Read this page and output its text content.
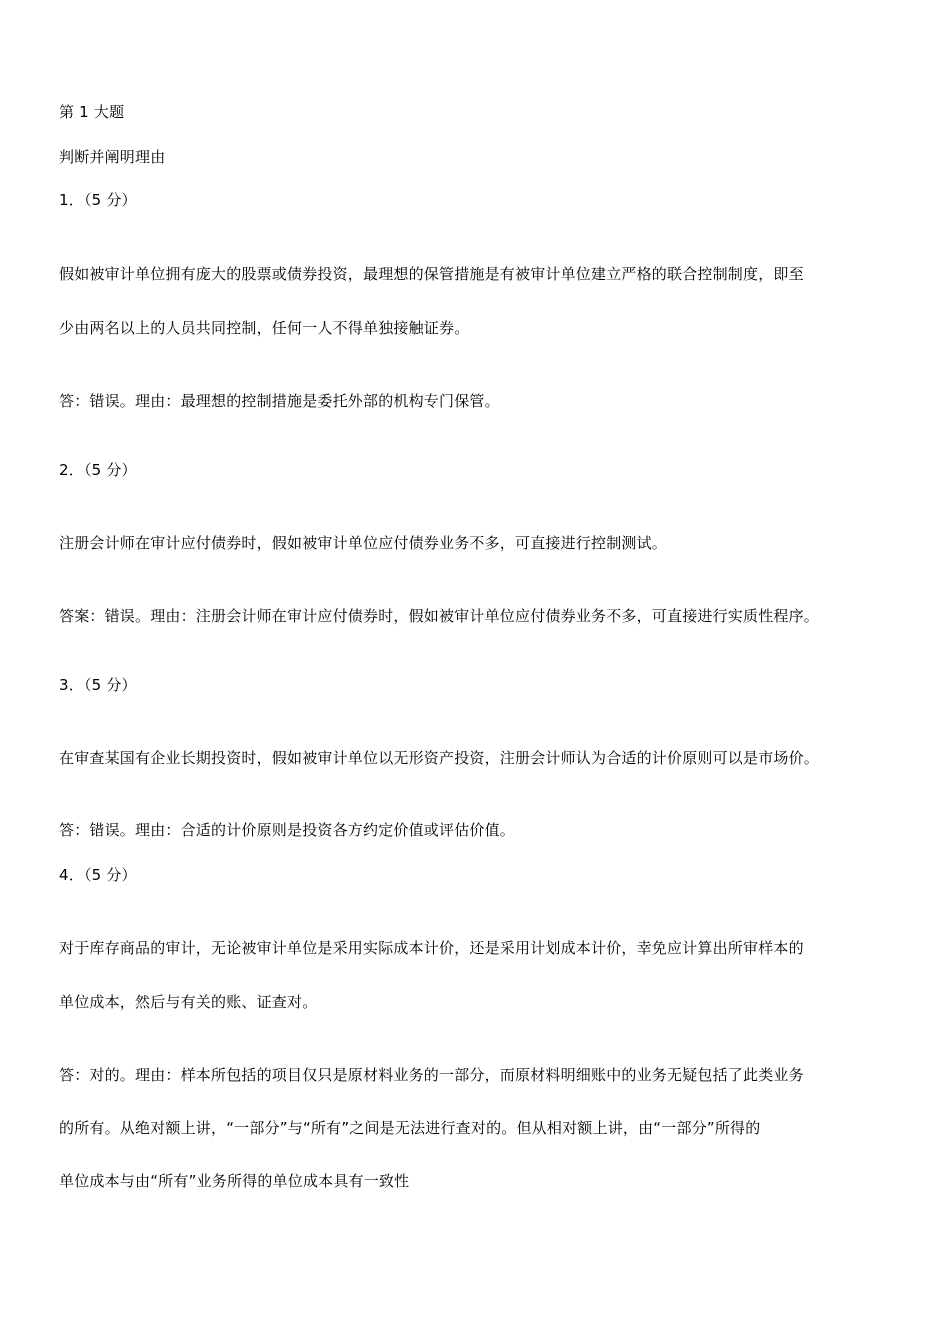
第 1 大题

判断并阐明理由

1．（5 分）

假如被审计单位拥有庞大的股票或债券投资，最理想的保管措施是有被审计单位建立严格的联合控制制度，即至

少由两名以上的人员共同控制，任何一人不得单独接触证券。

答：错误。理由：最理想的控制措施是委托外部的机构专门保管。

2．（5 分）

注册会计师在审计应付债券时，假如被审计单位应付债券业务不多，可直接进行控制测试。

答案：错误。理由：注册会计师在审计应付债券时，假如被审计单位应付债券业务不多，可直接进行实质性程序。

3．（5 分）

在审查某国有企业长期投资时，假如被审计单位以无形资产投资，注册会计师认为合适的计价原则可以是市场价。

答：错误。理由：合适的计价原则是投资各方约定价值或评估价值。

4．（5 分）

对于库存商品的审计，无论被审计单位是采用实际成本计价，还是采用计划成本计价，幸免应计算出所审样本的

单位成本，然后与有关的账、证查对。

答：对的。理由：样本所包括的项目仅只是原材料业务的一部分，而原材料明细账中的业务无疑包括了此类业务

的所有。从绝对额上讲，“一部分”与“所有”之间是无法进行查对的。但从相对额上讲，由“一部分”所得的

单位成本与由“所有”业务所得的单位成本具有一致性
